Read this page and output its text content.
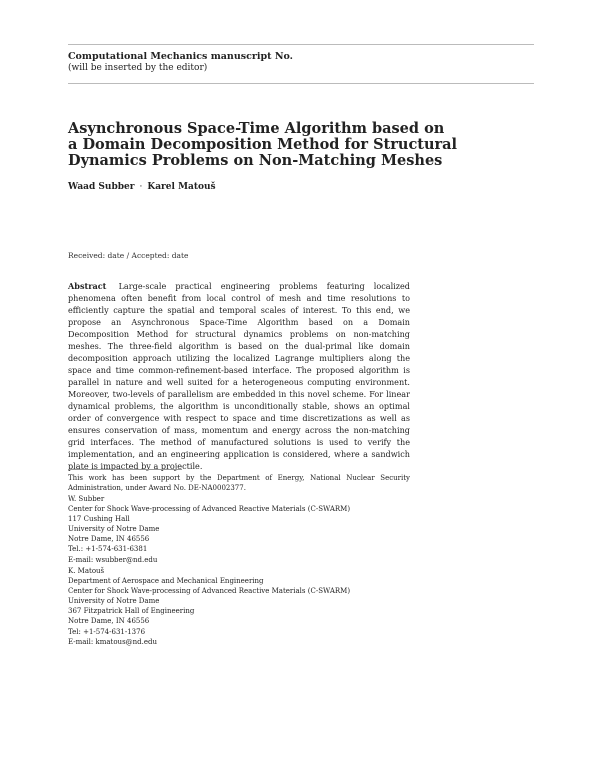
Computational Mechanics manuscript No.
(will be inserted by the editor)
Asynchronous Space-Time Algorithm based on
a Domain Decomposition Method for Structural
Dynamics Problems on Non-Matching Meshes
Waad Subber · Karel Matouš
Received: date / Accepted: date
Abstract Large-scale practical engineering problems featuring localized phenomena often benefit from local control of mesh and time resolutions to efficiently capture the spatial and temporal scales of interest. To this end, we propose an Asynchronous Space-Time Algorithm based on a Domain Decomposition Method for structural dynamics problems on non-matching meshes. The three-field algorithm is based on the dual-primal like domain decomposition approach utilizing the localized Lagrange multipliers along the space and time common-refinement-based interface. The proposed algorithm is parallel in nature and well suited for a heterogeneous computing environment. Moreover, two-levels of parallelism are embedded in this novel scheme. For linear dynamical problems, the algorithm is unconditionally stable, shows an optimal order of convergence with respect to space and time discretizations as well as ensures conservation of mass, momentum and energy across the non-matching grid interfaces. The method of manufactured solutions is used to verify the implementation, and an engineering application is considered, where a sandwich plate is impacted by a projectile.
This work has been support by the Department of Energy, National Nuclear Security Administration, under Award No. DE-NA0002377.
W. Subber
Center for Shock Wave-processing of Advanced Reactive Materials (C-SWARM)
117 Cushing Hall
University of Notre Dame
Notre Dame, IN 46556
Tel.: +1-574-631-6381
E-mail: wsubber@nd.edu
K. Matouš
Department of Aerospace and Mechanical Engineering
Center for Shock Wave-processing of Advanced Reactive Materials (C-SWARM)
University of Notre Dame
367 Fitzpatrick Hall of Engineering
Notre Dame, IN 46556
Tel: +1-574-631-1376
E-mail: kmatous@nd.edu
